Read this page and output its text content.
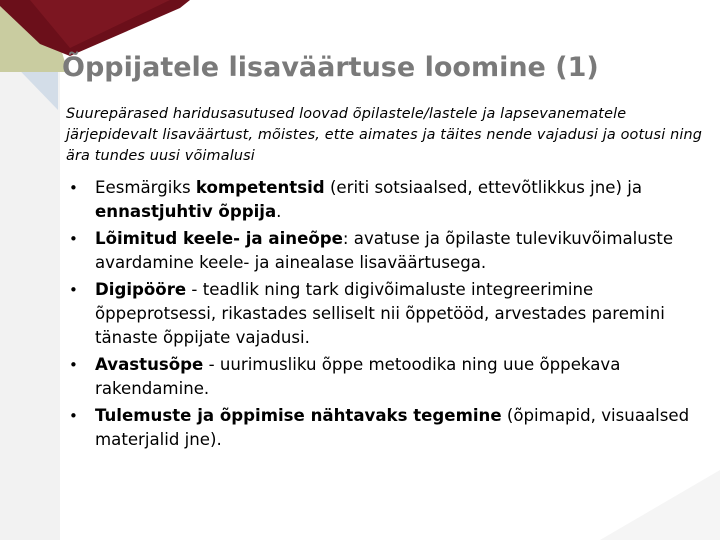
Õppijatele lisaväärtuse loomine (1)

Suurepärased haridusasutused loovad õpilastele/lastele ja lapsevanematele järjepidevalt lisaväärtust, mõistes, ette aimates ja täites nende vajadusi ja ootusi ning ära tundes uusi võimalusi

• Eesmärgiks kompetentsid (eriti sotsiaalsed, ettevõtlikkus jne) ja ennastjuhtiv õppija.
• Lõimitud keele- ja aineõpe: avatuse ja õpilaste tulevikuvõimaluste avardamine keele- ja ainealase lisaväärtusega.
• Digipööre - teadlik ning tark digivõimaluste integreerimine õppeprotsessi, rikastades selliselt nii õppetööd, arvestades paremini tänaste õppijate vajadusi.
• Avastusõpe - uurimusliku õppe metoodika ning uue õppekava rakendamine.
• Tulemuste ja õppimise nähtavaks tegemine (õpimapid, visuaalsed materjalid jne).
